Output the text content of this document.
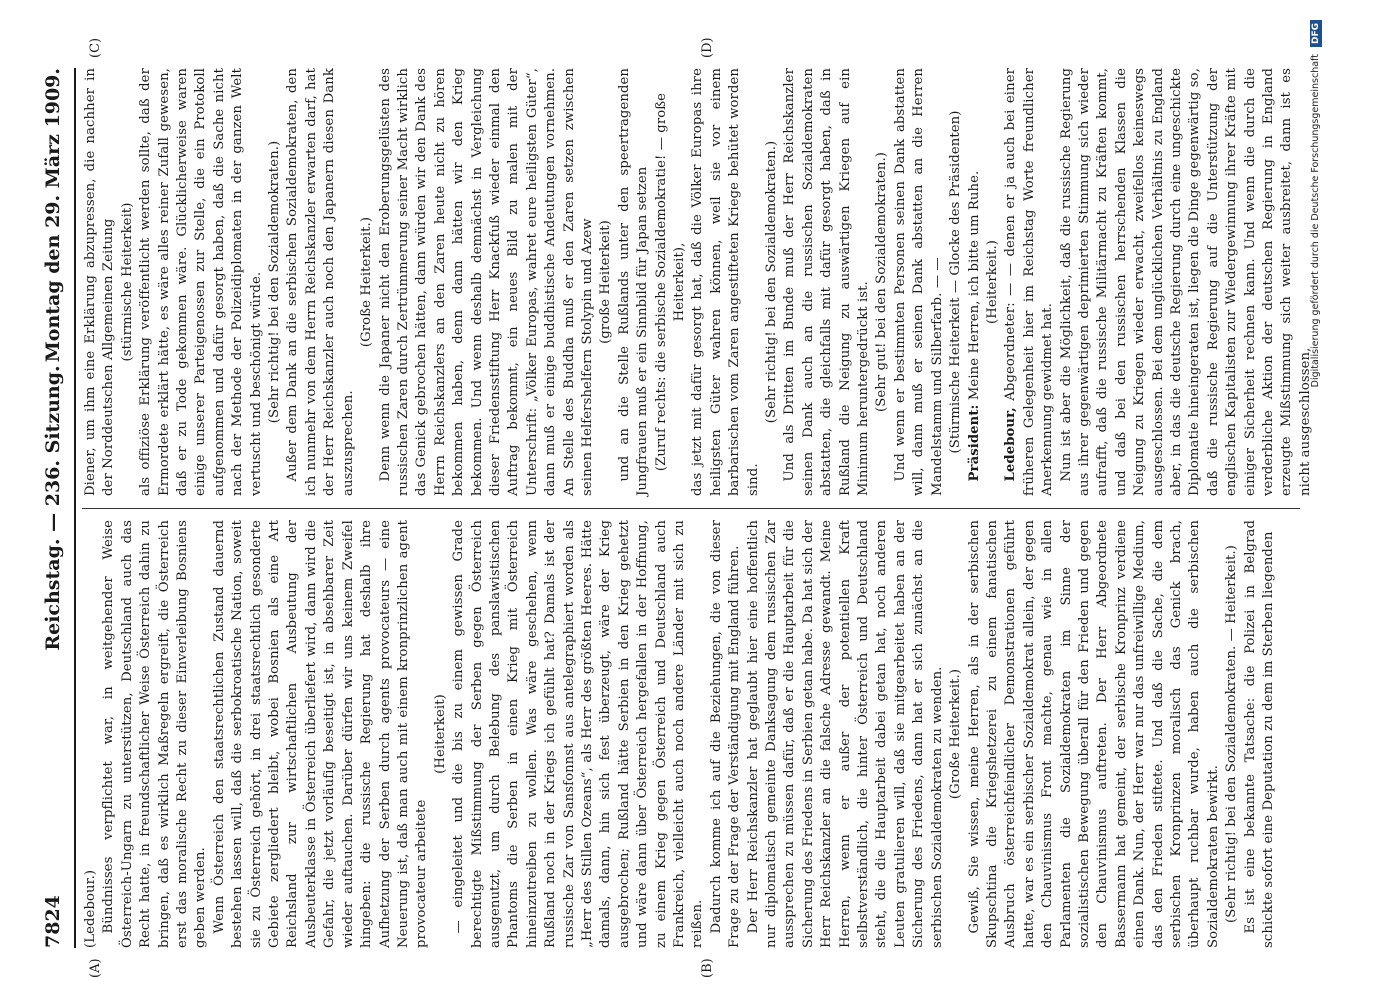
7824
Reichstag. — 236. Sitzung.
Montag den 29. März 1909.
(A)	(B)
(C)	(D)

(Ledebour.) Bündnisses verpflichtet war, in weitgehender Weise Österreich-Ungarn zu unterstützen, Deutschland auch das Recht hatte, in freundschaftlicher Weise Österreich dahin zu bringen, daß es wirklich Maßregeln ergreift, die Österreich erst das moralische Recht zu dieser Einverleibung Bosniens geben werden. Wenn Österreich den staatsrechtlichen Zustand dauernd bestehen lassen will, daß die serbokroatische Nation, soweit sie zu Österreich gehört, in drei staatsrechtlich gesonderte Gebiete zergliedert bleibt, wobei Bosnien als eine Art Reichsland zur wirtschaftlichen Ausbeutung der Ausbeuterklasse in Österreich überliefert wird, dann wird die Gefahr, die jetzt vorläufig beseitigt ist, in absehbarer Zeit wieder auftauchen. Darüber dürfen wir uns keinem Zweifel hingeben: die russische Regierung hat deshalb ihre Aufhetzung der Serben durch agents provocateurs — eine Neuerung ist, daß man auch mit einem kronprinzlichen agent provocateur arbeitete

(Heiterkeit) — eingeleitet und die bis zu einem gewissen Grade berechtigte Mißstimmung der Serben gegen Österreich ausgenutzt, um durch Belebung des panslawistischen Phantoms die Serben in einen Krieg mit Österreich hineinzutreiben zu wollen. Was wäre geschehen, wenn Rußland noch in der Kriegs ich gefühlt hat? Damals ist der russische Zar von Sansfonnst aus antelegraphiert worden als „Herr des Stillen Ozeans“, als Herr des größten Heeres. Hätte damals, dann, hin sich fest überzeugt, wäre der Krieg ausgebrochen; Rußland hätte Serbien in den Krieg gehetzt und wäre dann über Österreich hergefallen in der Hoffnung, zu einem Krieg gegen Österreich und Deutschland auch Frankreich, vielleicht auch noch andere Länder mit sich zu reißen. Dadurch komme ich auf die Beziehungen, die von dieser Frage zu der Frage der Verständigung mit England führen. Der Herr Reichskanzler hat geglaubt hier eine hoffentlich nur diplomatisch gemeinte Danksagung dem russischen Zar aussprechen zu müssen dafür, daß er die Hauptarbeit für die Sicherung des Friedens in Serbien getan habe. Da hat sich der Herr Reichskanzler an die falsche Adresse gewandt. Meine Herren, wenn er außer der potentiellen Kraft selbstverständlich, die hinter Österreich und Deutschland steht, die die Hauptarbeit dabei getan hat, noch anderen Leuten gratulieren will, daß sie mitgearbeitet haben an der Sicherung des Friedens, dann hat er sich zunächst an die serbischen Sozialdemokraten zu wenden. (Große Heiterkeit.) Gewiß, Sie wissen, meine Herren, als in der serbischen Skupschtina die Kriegshetzerei zu einem fanatischen Ausbruch österreichfeindlicher Demonstrationen geführt hatte, war es ein serbischer Sozialdemokrat allein, der gegen den Chauvinismus Front machte, genau wie in allen Parlamenten die Sozialdemokraten im Sinne der sozialistischen Bewegung überall für den Frieden und gegen den Chauvinismus auftreten. Der Herr Abgeordnete Bassermann hat gemeint, der serbische Kronprinz verdiene einen Dank. Nun, der Herr war nur das unfreiwillige Medium, das den Frieden stiftete. Und daß die Sache, die dem serbischen Kronprinzen moralisch das Genick brach, überhaupt ruchbar wurde, haben auch die serbischen Sozialdemokraten bewirkt. (Sehr richtig! bei den Sozialdemokraten. — Heiterkeit.) Es ist eine bekannte Tatsache: die Polizei in Belgrad schickte sofort eine Deputation zu dem im Sterben liegenden

Diener, um ihm eine Erklärung abzupressen, die nachher in der Norddeutschen Allgemeinen Zeitung (stürmische Heiterkeit) als offiziöse Erklärung veröffentlicht werden sollte, daß der Ermordete erklärt hätte, es wäre alles reiner Zufall gewesen, daß er zu Tode gekommen wäre. Glücklicherweise waren einige unserer Parteigenossen zur Stelle, die ein Protokoll aufgenommen und dafür gesorgt haben, daß die Sache nicht nach der Methode der Polizeidiplomaten in der ganzen Welt vertuscht und beschönigt würde. (Sehr richtig! bei den Sozialdemokraten.) Außer dem Dank an die serbischen Sozialdemokraten, den ich nunmehr von dem Herrn Reichskanzler erwarten darf, hat der Herr Reichskanzler auch noch den Japanern diesen Dank auszusprechen.

(Große Heiterkeit.) Denn wenn die Japaner nicht den Eroberungsgelüsten des russischen Zaren durch Zertrümmerung seiner Macht wirklich das Genick gebrochen hätten, dann würden wir den Dank des Herrn Reichskanzlers an den Zaren heute nicht zu hören bekommen haben, denn dann hätten wir den Krieg bekommen. Und wenn deshalb demnächst in Vergleichung dieser Friedensstiftung Herr Knackfuß wieder einmal den Auftrag bekommt, ein neues Bild zu malen mit der Unterschrift: „Völker Europas, wahret eure heiligsten Güter“, dann muß er einige buddhistische Andeutungen vornehmen. An Stelle des Buddha muß er den Zaren setzen zwischen seinen Helfershelfern Stolypin und Azew (große Heiterkeit) und an die Stelle Rußlands unter den speertragenden Jungfrauen muß er ein Sinnbild für Japan setzen (Zuruf rechts: die serbische Sozialdemokratie! — große Heiterkeit), das jetzt mit dafür gesorgt hat, daß die Völker Europas ihre heiligsten Güter wahren können, weil sie vor einem barbarischen vom Zaren angestifteten Kriege behütet worden sind.

(Sehr richtig! bei den Sozialdemokraten.) Und als Dritten im Bunde muß der Herr Reichskanzler seinen Dank auch an die russischen Sozialdemokraten abstatten, die gleichfalls mit dafür gesorgt haben, daß in Rußland die Neigung zu auswärtigen Kriegen auf ein Minimum heruntergedrückt ist. (Sehr gut! bei den Sozialdemokraten.) Und wenn er bestimmten Personen seinen Dank abstatten will, dann muß er seinen Dank abstatten an die Herren Mandelstamm und Silberfarb. — — (Stürmische Heiterkeit — Glocke des Präsidenten) Präsident: Meine Herren, ich bitte um Ruhe. (Heiterkeit.)

Ledebour, Abgeordneter: — — denen er ja auch bei einer früheren Gelegenheit hier im Reichstag Worte freundlicher Anerkennung gewidmet hat. Nun ist aber die Möglichkeit, daß die russische Regierung aus ihrer gegenwärtigen deprimierten Stimmung sich wieder aufrafft, daß die russische Militärmacht zu Kräften kommt, und daß bei den russischen herrschenden Klassen die Neigung zu Kriegen wieder erwacht, zweifellos keineswegs ausgeschlossen. Bei dem unglücklichen Verhältnis zu England aber, in das die deutsche Regierung durch eine ungeschickte Diplomatie hineingeraten ist, liegen die Dinge gegenwärtig so, daß die russische Regierung auf die Unterstützung der englischen Kapitalisten zur Wiedergewinnung ihrer Kräfte mit einiger Sicherheit rechnen kann. Und wenn die durch die verderbliche Aktion der deutschen Regierung in England erzeugte Mißstimmung sich weiter ausbreitet, dann ist es nicht ausgeschlossen,

Digitalisierung gefördert durch die Deutsche Forschungsgemeinschaft DFG
